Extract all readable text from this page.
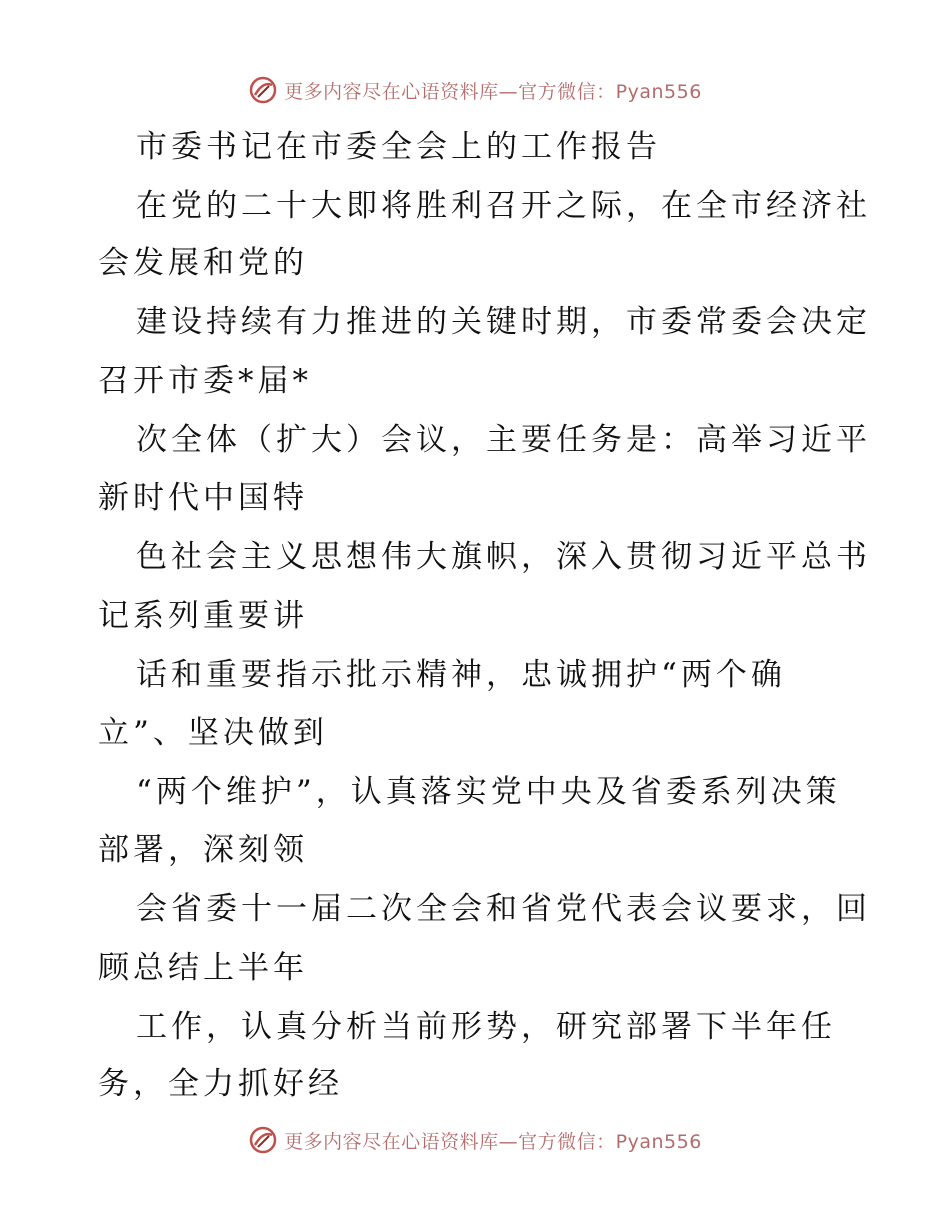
更多内容尽在心语资料库—官方微信：Pyan556
市委书记在市委全会上的工作报告
在党的二十大即将胜利召开之际，在全市经济社
会发展和党的
建设持续有力推进的关键时期，市委常委会决定
召开市委*届*
次全体（扩大）会议，主要任务是：高举习近平
新时代中国特
色社会主义思想伟大旗帜，深入贯彻习近平总书
记系列重要讲
话和重要指示批示精神，忠诚拥护“两个确
立”、坚决做到
“两个维护”，认真落实党中央及省委系列决策
部署，深刻领
会省委十一届二次全会和省党代表会议要求，回
顾总结上半年
工作，认真分析当前形势，研究部署下半年任
务，全力抓好经
更多内容尽在心语资料库—官方微信：Pyan556
